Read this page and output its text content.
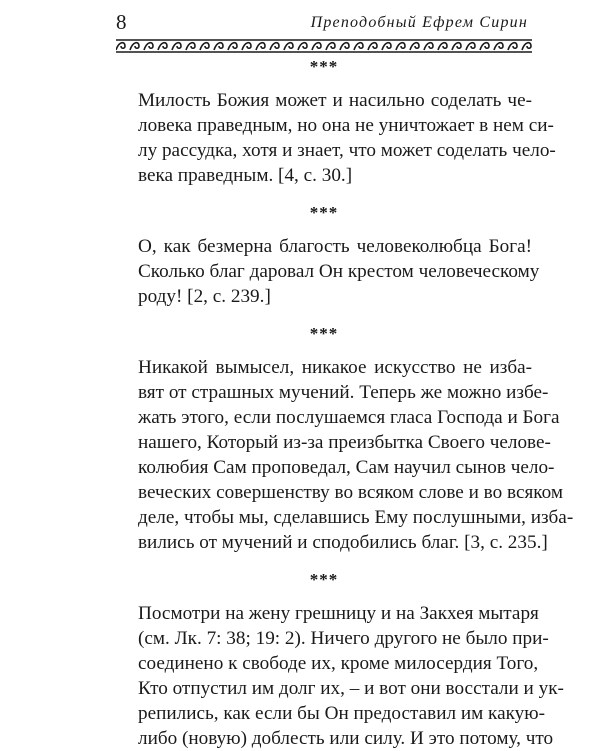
8	Преподобный Ефрем Сирин

***

Милость Божия может и насильно соделать че-
ловека праведным, но она не уничтожает в нем си-
лу рассудка, хотя и знает, что может соделать чело-
века праведным. [4, с. 30.]

***

О, как безмерна благость человеколюбца Бога!
Сколько благ даровал Он крестом человеческому
роду! [2, с. 239.]

***

Никакой вымысел, никакое искусство не изба-
вят от страшных мучений. Теперь же можно избе-
жать этого, если послушаемся гласа Господа и Бога
нашего, Который из-за преизбытка Своего челове-
колюбия Сам проповедал, Сам научил сынов чело-
веческих совершенству во всяком слове и во всяком
деле, чтобы мы, сделавшись Ему послушными, изба-
вились от мучений и сподобились благ. [3, с. 235.]

***

Посмотри на жену грешницу и на Закхея мытаря
(см. Лк. 7: 38; 19: 2). Ничего другого не было при-
соединено к свободе их, кроме милосердия Того,
Кто отпустил им долг их, – и вот они восстали и ук-
репились, как если бы Он предоставил им какую-
либо (новую) доблесть или силу. И это потому, что
